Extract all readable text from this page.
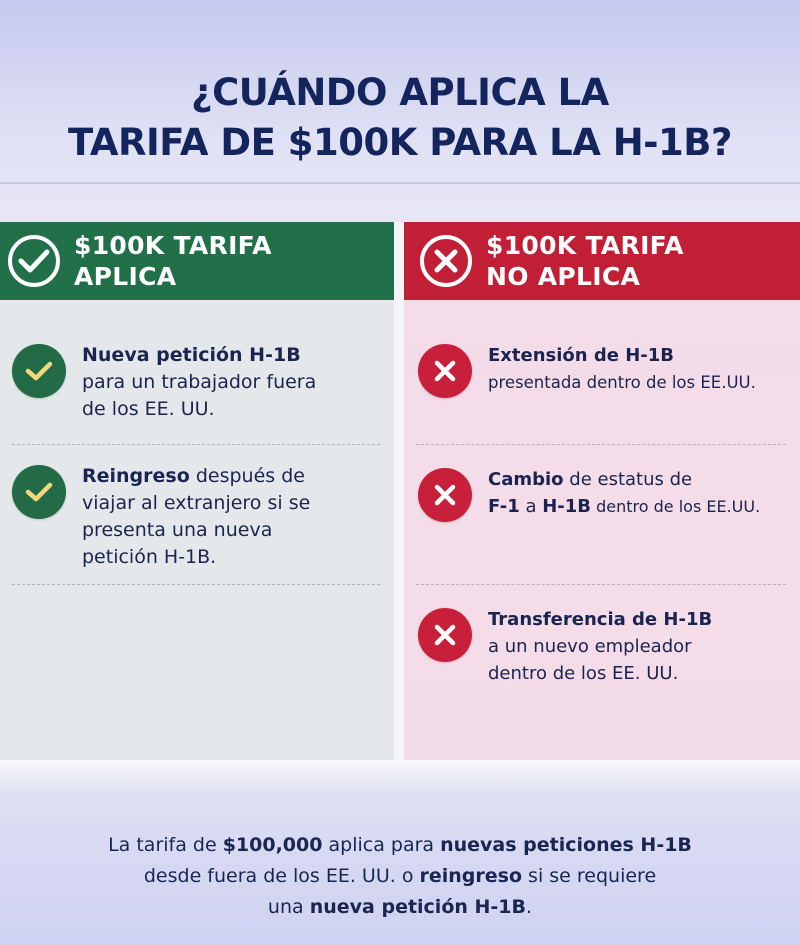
¿CUÁNDO APLICA LA
TARIFA DE $100K PARA LA H-1B?
$100K TARIFA
APLICA
Nueva petición H-1B
para un trabajador fuera
de los EE. UU.
Reingreso después de
viajar al extranjero si se
presenta una nueva
petición H-1B.
$100K TARIFA
NO APLICA
Extensión de H-1B
presentada dentro de los EE.UU.
Cambio de estatus de
F-1 a H-1B dentro de los EE.UU.
Transferencia de H-1B
a un nuevo empleador
dentro de los EE. UU.
La tarifa de $100,000 aplica para nuevas peticiones H-1B
desde fuera de los EE. UU. o reingreso si se requiere
una nueva petición H-1B.
